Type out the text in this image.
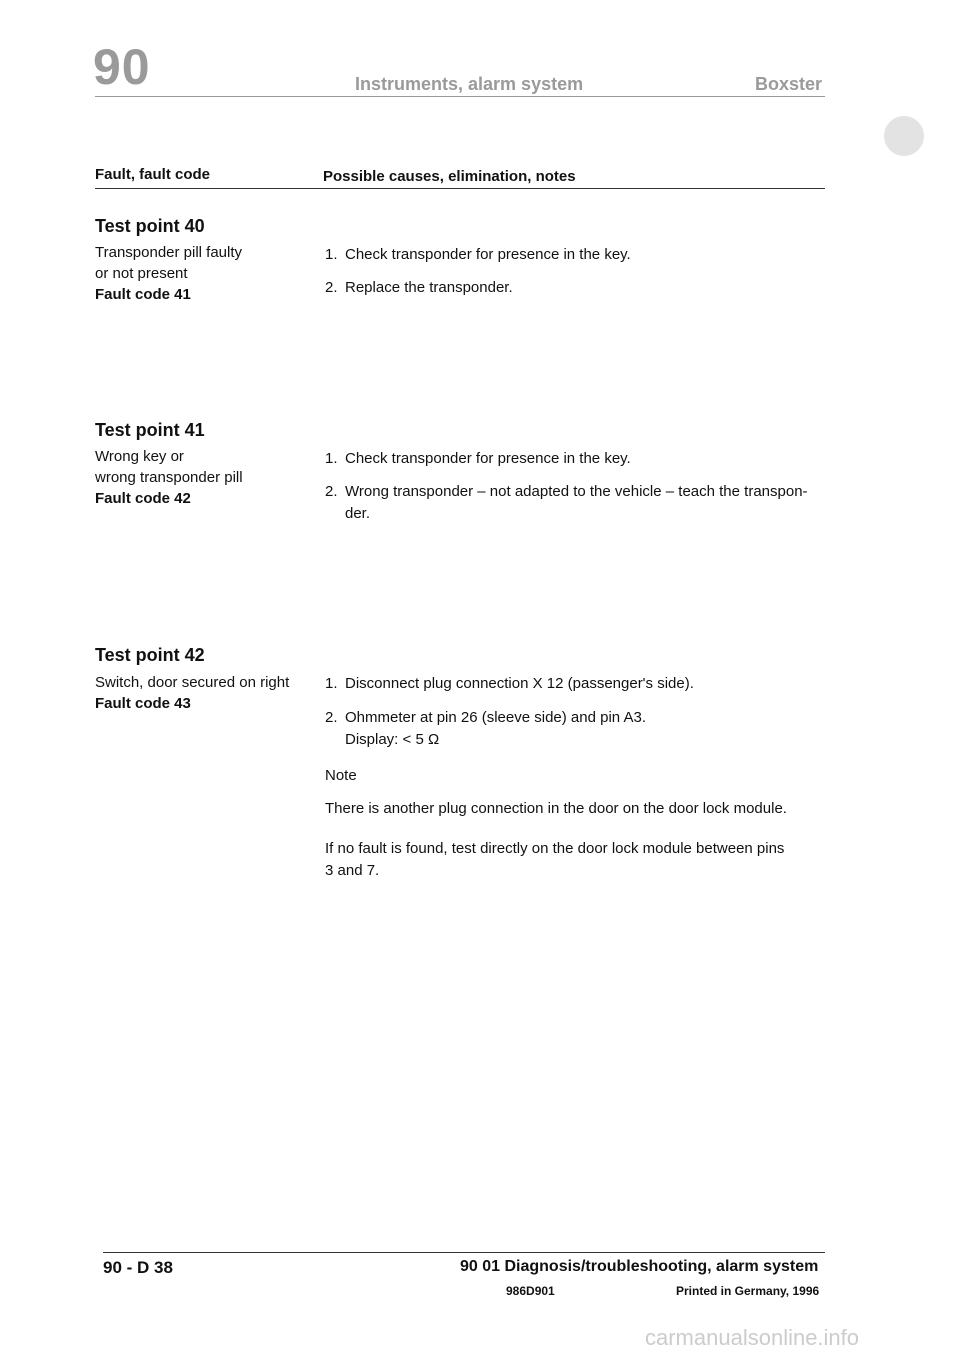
90	Instruments, alarm system	Boxster
Fault, fault code	Possible causes, elimination, notes
Test point 40
Transponder pill faulty
or not present
Fault code 41
1. Check transponder for presence in the key.
2. Replace the transponder.
Test point 41
Wrong key or
wrong transponder pill
Fault code 42
1. Check transponder for presence in the key.
2. Wrong transponder – not adapted to the vehicle – teach the transpon-
der.
Test point 42
Switch, door secured on right
Fault code 43
1. Disconnect plug connection X 12 (passenger's side).
2. Ohmmeter at pin 26 (sleeve side) and pin A3.
Display: < 5 Ω
Note
There is another plug connection in the door on the door lock module.
If no fault is found, test directly on the door lock module between pins
3 and 7.
90 - D 38	90 01 Diagnosis/troubleshooting, alarm system
986D901	Printed in Germany, 1996
carmanualsonline.info
